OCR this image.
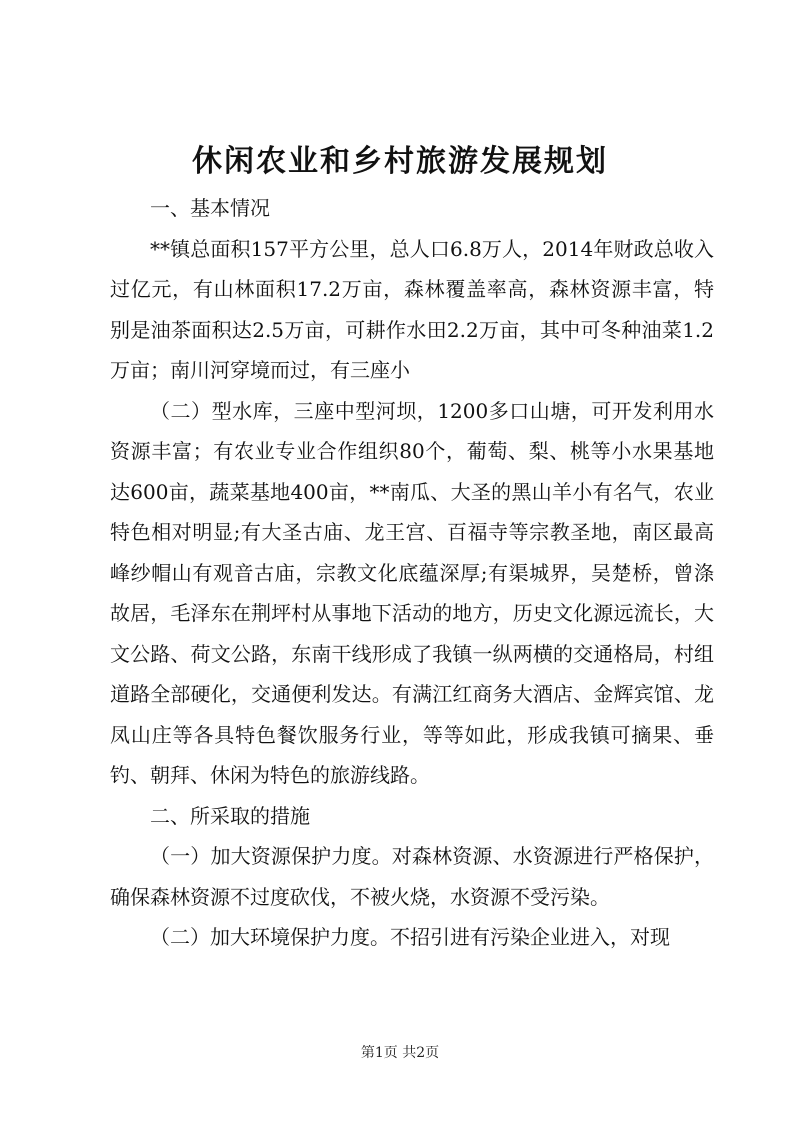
休闲农业和乡村旅游发展规划

一、基本情况

**镇总面积157平方公里，总人口6.8万人，2014年财政总收入过亿元，有山林面积17.2万亩，森林覆盖率高，森林资源丰富，特别是油茶面积达2.5万亩，可耕作水田2.2万亩，其中可冬种油菜1.2万亩；南川河穿境而过，有三座小

（二）型水库，三座中型河坝，1200多口山塘，可开发利用水资源丰富；有农业专业合作组织80个，葡萄、梨、桃等小水果基地达600亩，蔬菜基地400亩，**南瓜、大圣的黑山羊小有名气，农业特色相对明显;有大圣古庙、龙王宫、百福寺等宗教圣地，南区最高峰纱帽山有观音古庙，宗教文化底蕴深厚;有渠城界，吴楚桥，曾涤故居，毛泽东在荆坪村从事地下活动的地方，历史文化源远流长，大文公路、荷文公路，东南干线形成了我镇一纵两横的交通格局，村组道路全部硬化，交通便利发达。有满江红商务大酒店、金辉宾馆、龙凤山庄等各具特色餐饮服务行业，等等如此，形成我镇可摘果、垂钓、朝拜、休闲为特色的旅游线路。

二、所采取的措施

（一）加大资源保护力度。对森林资源、水资源进行严格保护，确保森林资源不过度砍伐，不被火烧，水资源不受污染。

（二）加大环境保护力度。不招引进有污染企业进入，对现

第1页 共2页
